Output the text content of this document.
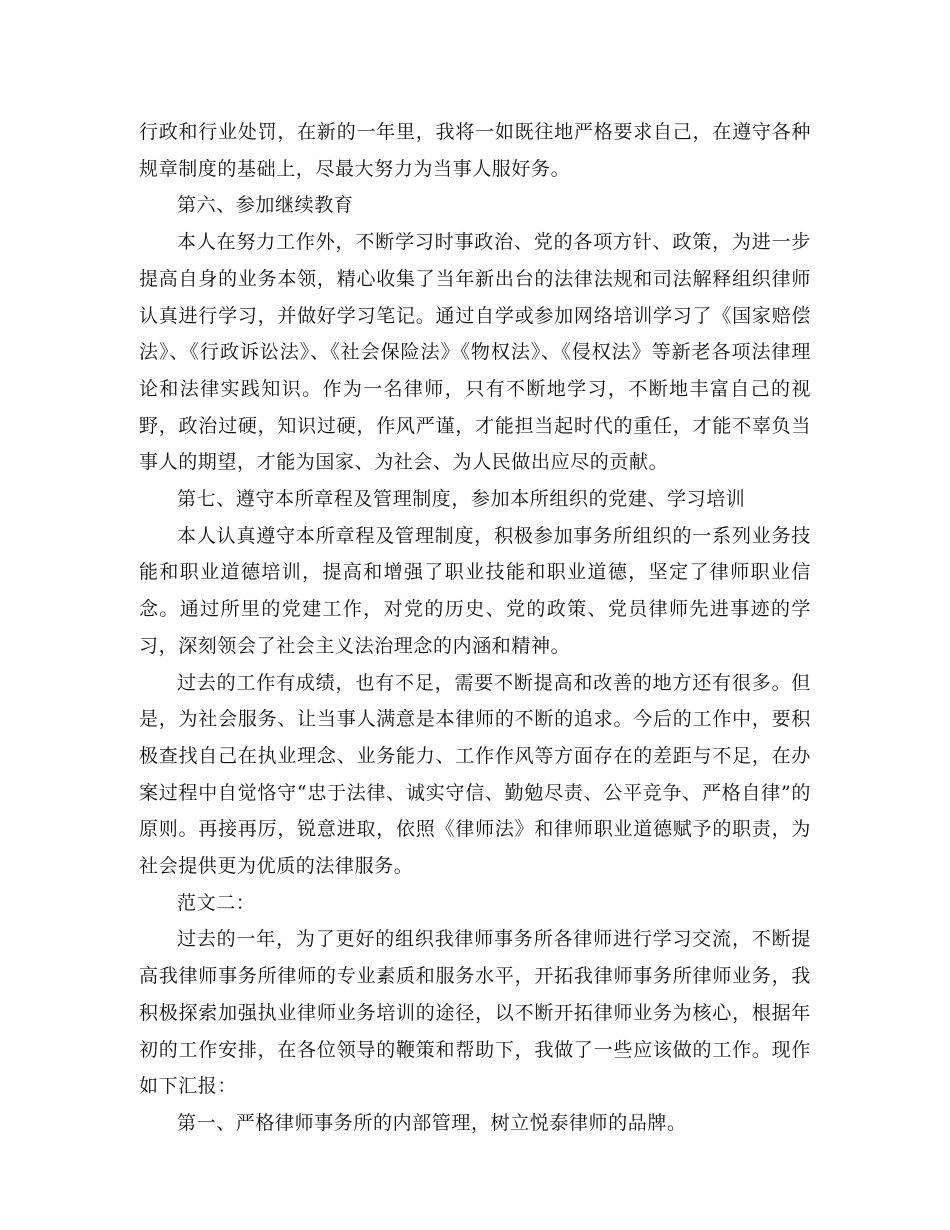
行政和行业处罚，在新的一年里，我将一如既往地严格要求自己，在遵守各种规章制度的基础上，尽最大努力为当事人服好务。

第六、参加继续教育

本人在努力工作外，不断学习时事政治、党的各项方针、政策，为进一步提高自身的业务本领，精心收集了当年新出台的法律法规和司法解释组织律师认真进行学习，并做好学习笔记。通过自学或参加网络培训学习了《国家赔偿法》、《行政诉讼法》、《社会保险法》《物权法》、《侵权法》等新老各项法律理论和法律实践知识。作为一名律师，只有不断地学习，不断地丰富自己的视野，政治过硬，知识过硬，作风严谨，才能担当起时代的重任，才能不辜负当事人的期望，才能为国家、为社会、为人民做出应尽的贡献。

第七、遵守本所章程及管理制度，参加本所组织的党建、学习培训

本人认真遵守本所章程及管理制度，积极参加事务所组织的一系列业务技能和职业道德培训，提高和增强了职业技能和职业道德，坚定了律师职业信念。通过所里的党建工作，对党的历史、党的政策、党员律师先进事迹的学习，深刻领会了社会主义法治理念的内涵和精神。

过去的工作有成绩，也有不足，需要不断提高和改善的地方还有很多。但是，为社会服务、让当事人满意是本律师的不断的追求。今后的工作中，要积极查找自己在执业理念、业务能力、工作作风等方面存在的差距与不足，在办案过程中自觉恪守“忠于法律、诚实守信、勤勉尽责、公平竞争、严格自律”的原则。再接再厉，锐意进取，依照《律师法》和律师职业道德赋予的职责，为社会提供更为优质的法律服务。

范文二：

过去的一年，为了更好的组织我律师事务所各律师进行学习交流，不断提高我律师事务所律师的专业素质和服务水平，开拓我律师事务所律师业务，我积极探索加强执业律师业务培训的途径，以不断开拓律师业务为核心，根据年初的工作安排，在各位领导的鞭策和帮助下，我做了一些应该做的工作。现作如下汇报：

第一、严格律师事务所的内部管理，树立悦泰律师的品牌。
